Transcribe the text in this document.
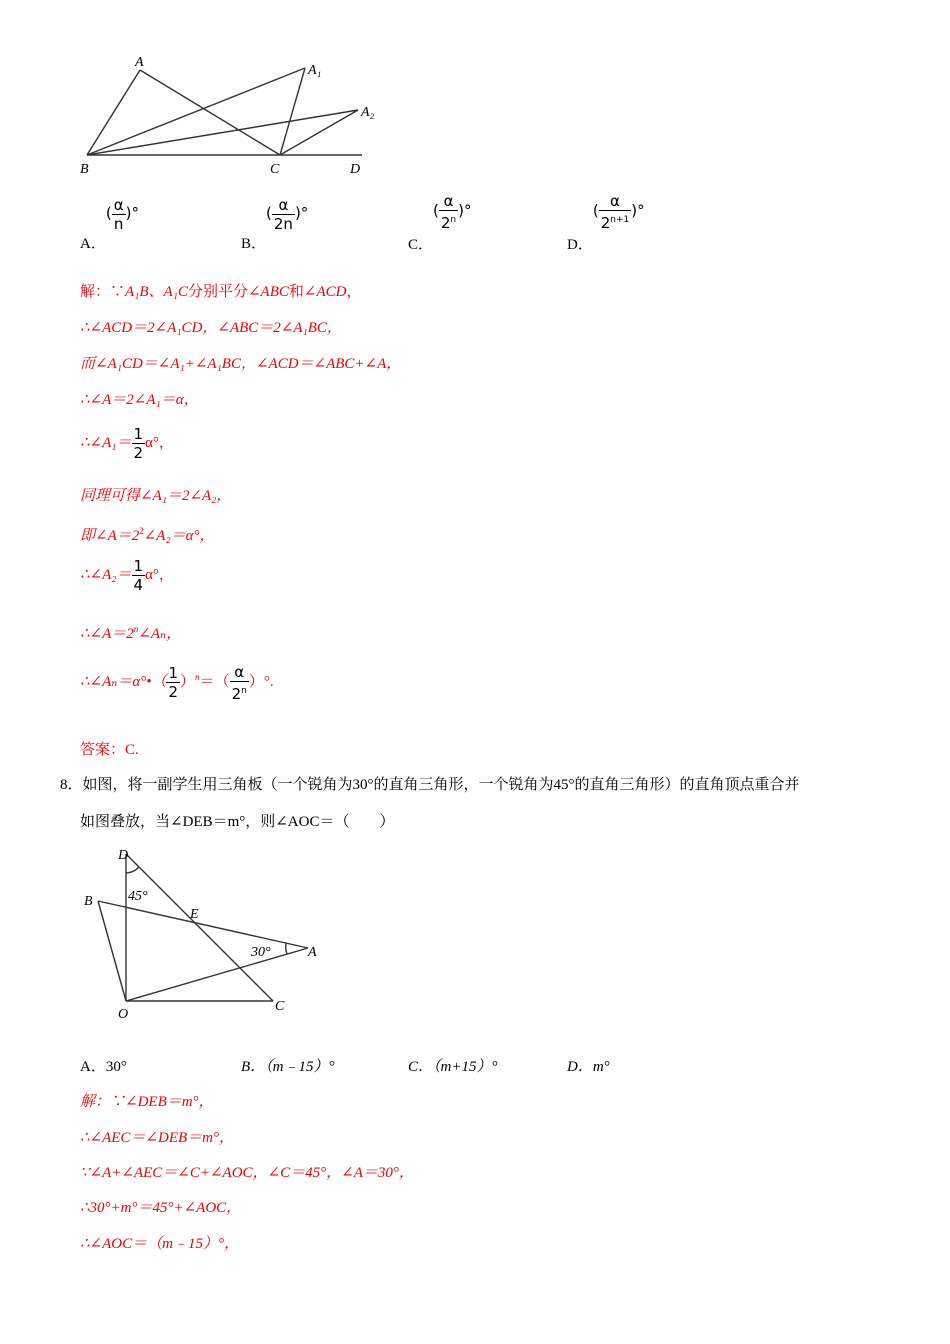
A
A₁
A₂
B	C	D
A．( $\frac{\alpha}{n}$ )°
B．( $\frac{\alpha}{2n}$ )°
C．( $\frac{\alpha}{2^n}$ )°
D．( $\frac{\alpha}{2^{n+1}}$ )°
解：∵A₁B、A₁C分别平分∠ABC和∠ACD，
∴∠ACD＝2∠A₁CD，∠ABC＝2∠A₁BC，
而∠A₁CD＝∠A₁+∠A₁BC，∠ACD＝∠ABC+∠A，
∴∠A＝2∠A₁＝α，
∴∠A₁＝ $\frac{1}{2} \alpha^\circ$，
同理可得∠A₁＝2∠A₂，
即$\angle A=2^2\angle A_2=\alpha^\circ$，
∴∠A₂＝ $\frac{1}{4} \alpha^\circ$，
$\therefore\angle A=2^n\angle A_n$，
∴∠Aₙ＝α°•（ $\frac{1}{2} )^n=( \frac{\alpha}{2^n}$ ）°.
答案：C.
8．如图，将一副学生用三角板（一个锐角为30°的直角三角形，一个锐角为45°的直角三角形）的直角顶点重合并
如图叠放，当∠DEB＝m°，则∠AOC＝（　　）
D
B
E
A
O
C
45°
30°
A．30°	B．（m﹣15）°	C．（m+15）°	D．m°
解：∵∠DEB＝m°，
∴∠AEC＝∠DEB＝m°，
∵∠A+∠AEC＝∠C+∠AOC，∠C＝45°，∠A＝30°，
∴30°+m°＝45°+∠AOC，
∴∠AOC＝（m﹣15）°，
